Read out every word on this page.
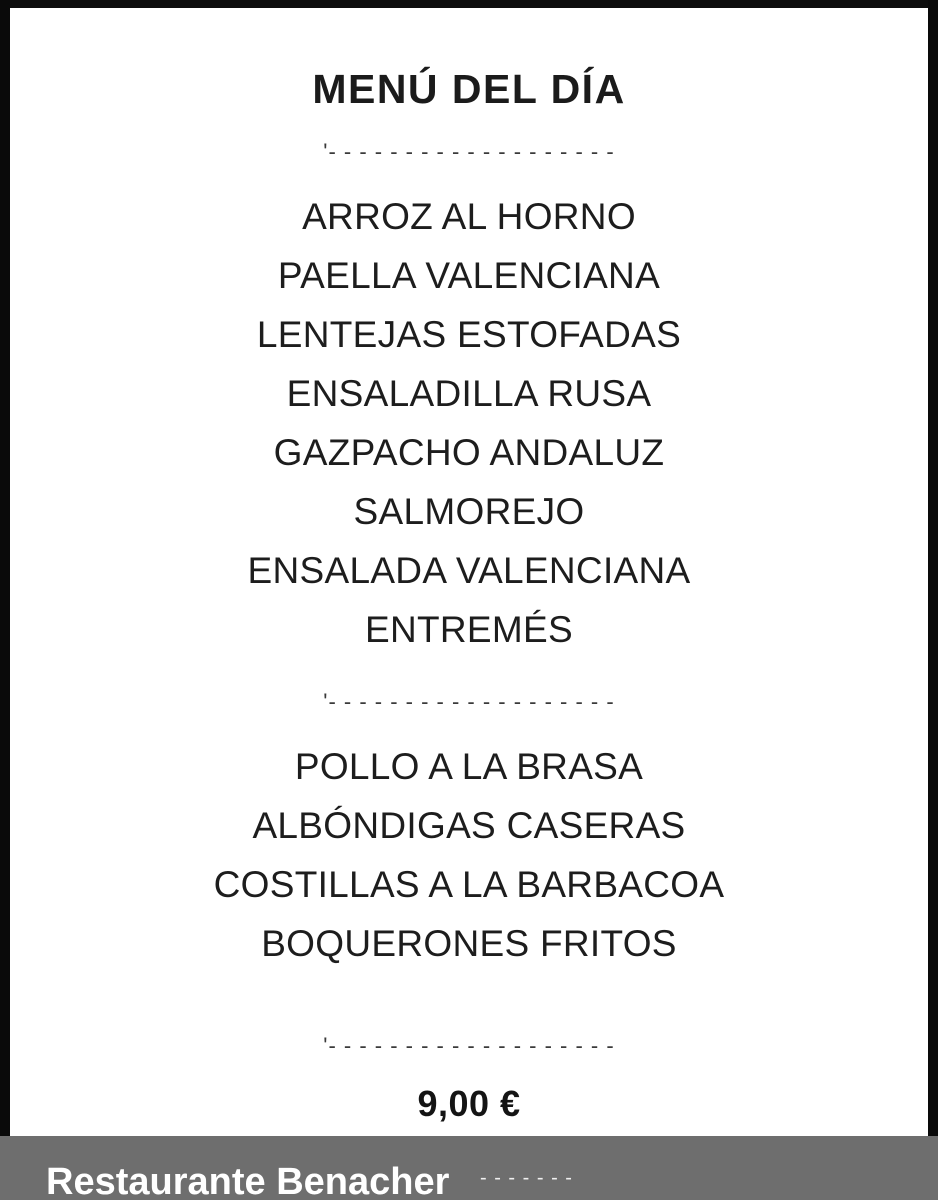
MENÚ DEL DÍA
'- - - - - - - - - - - - - - - - - - -
ARROZ AL HORNO
PAELLA VALENCIANA
LENTEJAS ESTOFADAS
ENSALADILLA RUSA
GAZPACHO ANDALUZ
SALMOREJO
ENSALADA VALENCIANA
ENTREMÉS
'- - - - - - - - - - - - - - - - - - -
POLLO A LA BRASA
ALBÓNDIGAS CASERAS
COSTILLAS A LA BARBACOA
BOQUERONES FRITOS
'- - - - - - - - - - - - - - - - - - -
9,00 €
Restaurante Benacher - - - - - - -
